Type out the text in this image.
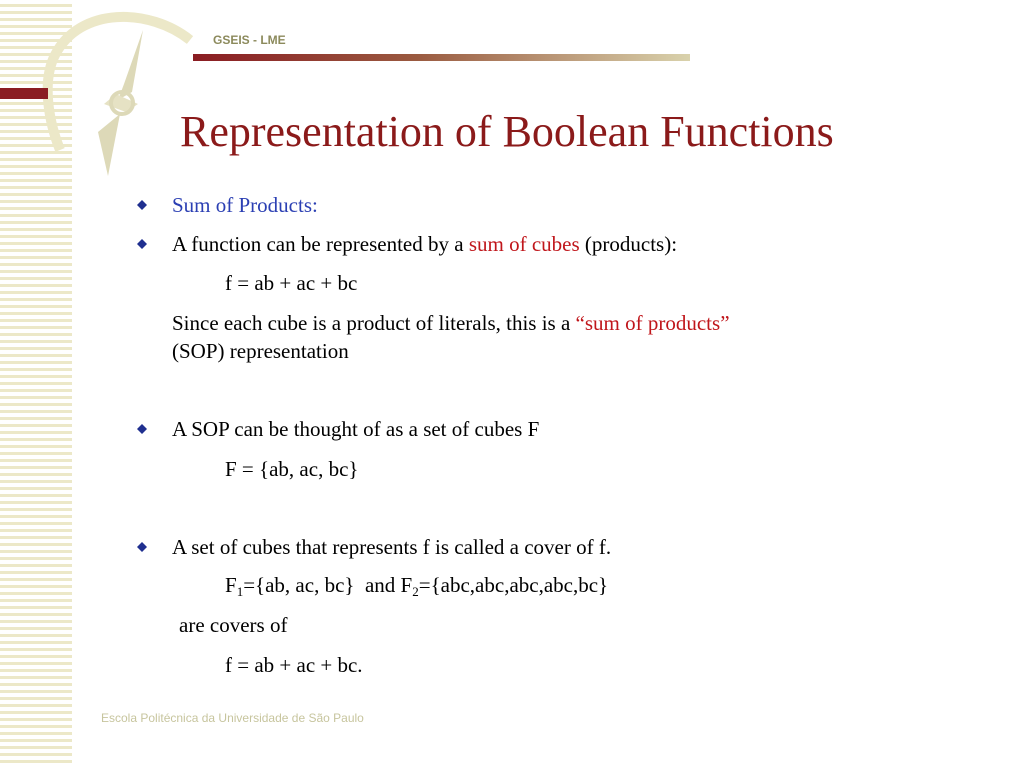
GSEIS - LME
Representation of Boolean Functions
Sum of Products:
A function can be represented by a sum of cubes (products):
f = ab + ac + bc
Since each cube is a product of literals, this is a “sum of products”
(SOP) representation
A SOP can be thought of as a set of cubes F
F = {ab, ac, bc}
A set of cubes that represents f is called a cover of f.
$F_1=\{ab$, ac, bc}  and $F_2=\{abc,abc,abc,abc,bc\}$
are covers of
f = ab + ac + bc.
Escola Politécnica da Universidade de São Paulo
